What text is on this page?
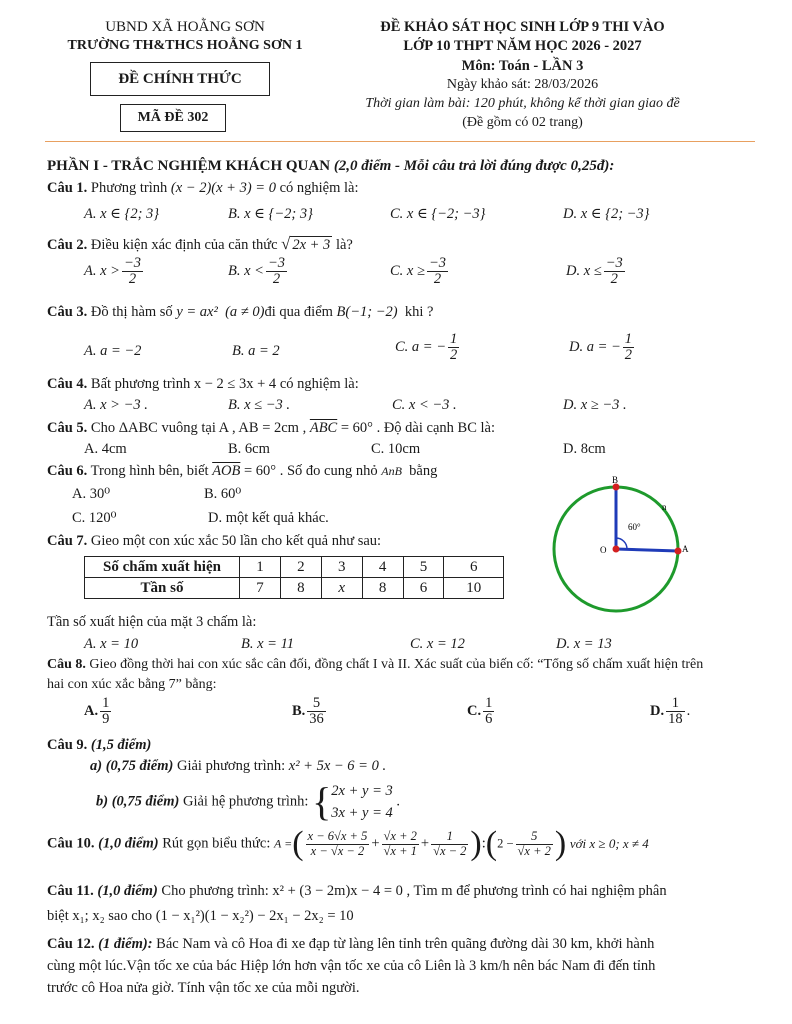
UBND XÃ HOẰNG SƠN
TRƯỜNG TH&THCS HOẰNG SƠN 1
ĐỀ CHÍNH THỨC
MÃ ĐỀ 302
ĐỀ KHẢO SÁT HỌC SINH LỚP 9 THI VÀO
LỚP 10 THPT NĂM HỌC 2026 - 2027
Môn: Toán - LẦN 3
Ngày khảo sát: 28/03/2026
Thời gian làm bài: 120 phút, không kể thời gian giao đề
(Đề gồm có 02 trang)
PHẦN I - TRẮC NGHIỆM KHÁCH QUAN (2,0 điểm - Mỗi câu trả lời đúng được 0,25đ):
Câu 1. Phương trình (x − 2)(x + 3) = 0 có nghiệm là:
A. x ∈ {2; 3}	B. x ∈ {−2; 3}	C. x ∈ {−2; −3}	D. x ∈ {2; −3}
Câu 2. Điều kiện xác định của căn thức √ 2x + 3 là?
A. $x > \frac{-3}{2}$	B. $x < \frac{-3}{2}$	C. $x \ge \frac{-3}{2}$	D. $x \le \frac{-3}{2}$
Câu 3. Đồ thị hàm số y = ax² (a ≠ 0)đi qua điểm B(−1; −2) khi ?
A. a = −2	B. a = 2	C. a = − $\frac{1}{2}$	D. a = − $\frac{1}{2}$
Câu 4. Bất phương trình x − 2 ≤ 3x + 4 có nghiệm là:
A. x > −3 .	B. x ≤ −3 .	C. x < −3 .	D. x ≥ −3 .
Câu 5. Cho ΔABC vuông tại A , AB = 2cm , $\overline{ABC} = 60^\circ$ . Độ dài cạnh BC là:
A. 4cm	B. 6cm	C. 10cm	D. 8cm
Câu 6. Trong hình bên, biết $\overline{AOB} = 60^\circ$ . Số đo cung nhỏ AnB bằng
A. 30⁰	B. 60⁰
C. 120⁰	D. một kết quả khác.
O
B
A
n
60°
Câu 7. Gieo một con xúc xắc 50 lần cho kết quả như sau:
Số chấm xuất hiện	1	2	3	4	5	6
Tần số	7	8	x	8	6	10
Tần số xuất hiện của mặt 3 chấm là:
A. x = 10	B. x = 11	C. x = 12	D. x = 13
Câu 8. Gieo đồng thời hai con xúc sắc cân đối, đồng chất I và II. Xác suất của biến cố: “Tổng số chấm xuất hiện trên
hai con xúc xắc bằng 7” bằng:
A. $\frac{1}{9}$	B. $\frac{5}{36}$	C. $\frac{1}{6}$	D. $\frac{1}{18}$ .
Câu 9. (1,5 điểm)
a) (0,75 điểm) Giải phương trình: x² + 5x − 6 = 0 .
b) (0,75 điểm) Giải hệ phương trình: { 2x + y = 3
3x + y = 4
.
Câu 10. (1,0 điểm) Rút gọn biểu thức: A =( $\frac{x - 6√x + 5}{x - √x - 2} + \frac{√x + 2}{√x + 1} + \frac{1}{√x - 2}$ ):(2 − $\frac{5}{√x + 2}$ ) với x ≥ 0; x ≠ 4
Câu 11. (1,0 điểm) Cho phương trình: x² + (3 − 2m)x − 4 = 0 , Tìm m để phương trình có hai nghiệm phân
biệt x₁; x₂ sao cho (1 − x₁²)(1 − x₂²) − 2x₁ − 2x₂ = 10
Câu 12. (1 điểm): Bác Nam và cô Hoa đi xe đạp từ làng lên tỉnh trên quãng đường dài 30 km, khởi hành
cùng một lúc.Vận tốc xe của bác Hiệp lớn hơn vận tốc xe của cô Liên là 3 km/h nên bác Nam đi đến tỉnh
trước cô Hoa nửa giờ. Tính vận tốc xe của mỗi người.
